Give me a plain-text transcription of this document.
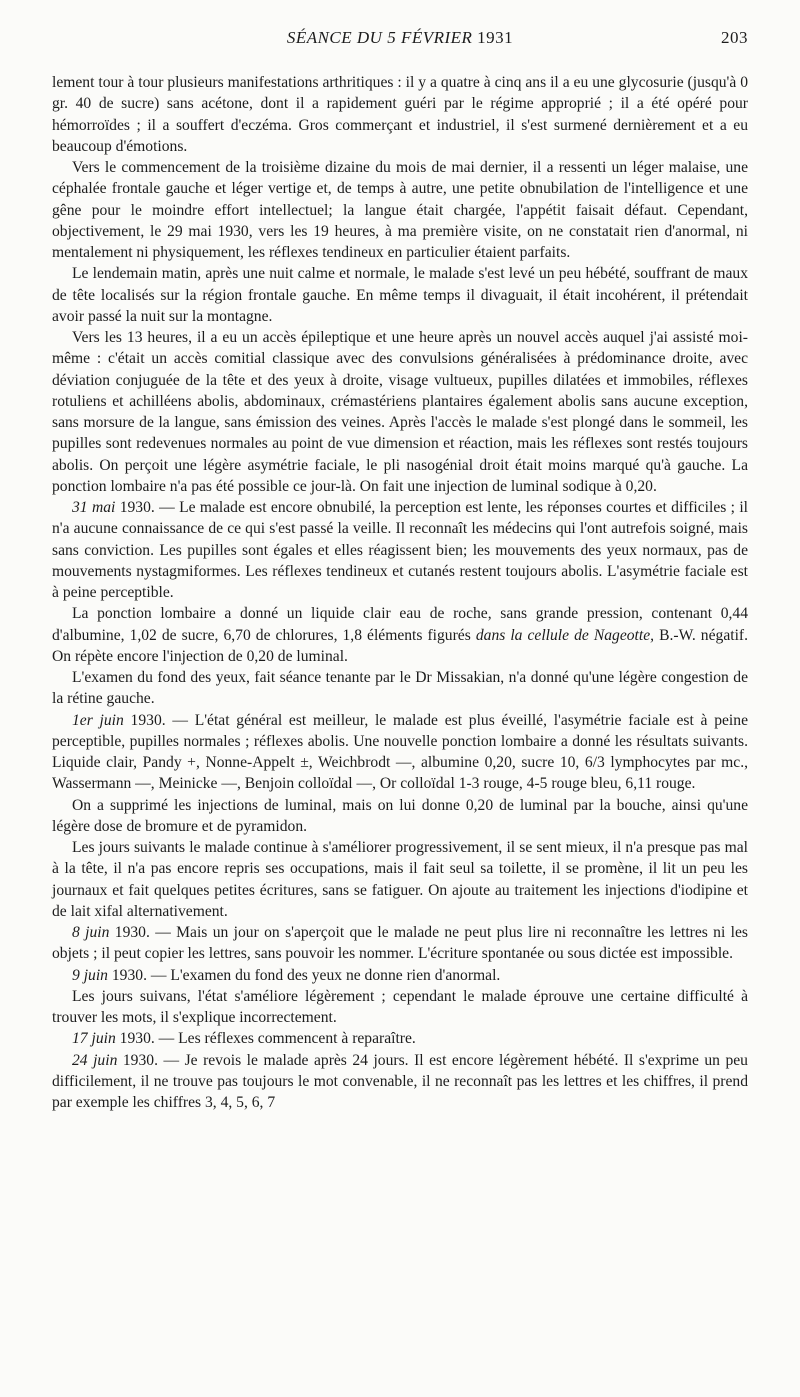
SÉANCE DU 5 FÉVRIER 1931	203

lement tour à tour plusieurs manifestations arthritiques : il y a quatre à cinq ans il a eu une glycosurie (jusqu'à 0 gr. 40 de sucre) sans acétone, dont il a rapidement guéri par le régime approprié ; il a été opéré pour hémorroïdes ; il a souffert d'eczéma. Gros commerçant et industriel, il s'est surmené dernièrement et a eu beaucoup d'émotions.

Vers le commencement de la troisième dizaine du mois de mai dernier, il a ressenti un léger malaise, une céphalée frontale gauche et léger vertige et, de temps à autre, une petite obnubilation de l'intelligence et une gêne pour le moindre effort intellectuel; la langue était chargée, l'appétit faisait défaut. Cependant, objectivement, le 29 mai 1930, vers les 19 heures, à ma première visite, on ne constatait rien d'anormal, ni mentalement ni physiquement, les réflexes tendineux en particulier étaient parfaits.

Le lendemain matin, après une nuit calme et normale, le malade s'est levé un peu hébété, souffrant de maux de tête localisés sur la région frontale gauche. En même temps il divaguait, il était incohérent, il prétendait avoir passé la nuit sur la montagne.

Vers les 13 heures, il a eu un accès épileptique et une heure après un nouvel accès auquel j'ai assisté moi-même : c'était un accès comitial classique avec des convulsions généralisées à prédominance droite, avec déviation conjuguée de la tête et des yeux à droite, visage vultueux, pupilles dilatées et immobiles, réflexes rotuliens et achilléens abolis, abdominaux, crémastériens plantaires également abolis sans aucune exception, sans morsure de la langue, sans émission des veines. Après l'accès le malade s'est plongé dans le sommeil, les pupilles sont redevenues normales au point de vue dimension et réaction, mais les réflexes sont restés toujours abolis. On perçoit une légère asymétrie faciale, le pli nasogénial droit était moins marqué qu'à gauche. La ponction lombaire n'a pas été possible ce jour-là. On fait une injection de luminal sodique à 0,20.

31 mai 1930. — Le malade est encore obnubilé, la perception est lente, les réponses courtes et difficiles ; il n'a aucune connaissance de ce qui s'est passé la veille. Il reconnaît les médecins qui l'ont autrefois soigné, mais sans conviction. Les pupilles sont égales et elles réagissent bien; les mouvements des yeux normaux, pas de mouvements nystagmiformes. Les réflexes tendineux et cutanés restent toujours abolis. L'asymétrie faciale est à peine perceptible.

La ponction lombaire a donné un liquide clair eau de roche, sans grande pression, contenant 0,44 d'albumine, 1,02 de sucre, 6,70 de chlorures, 1,8 éléments figurés dans la cellule de Nageotte, B.-W. négatif. On répète encore l'injection de 0,20 de luminal.

L'examen du fond des yeux, fait séance tenante par le Dr Missakian, n'a donné qu'une légère congestion de la rétine gauche.

1er juin 1930. — L'état général est meilleur, le malade est plus éveillé, l'asymétrie faciale est à peine perceptible, pupilles normales ; réflexes abolis. Une nouvelle ponction lombaire a donné les résultats suivants. Liquide clair, Pandy +, Nonne-Appelt ±, Weichbrodt —, albumine 0,20, sucre 10, 6/3 lymphocytes par mc., Wassermann —, Meinicke —, Benjoin colloïdal —, Or colloïdal 1-3 rouge, 4-5 rouge bleu, 6,11 rouge.

On a supprimé les injections de luminal, mais on lui donne 0,20 de luminal par la bouche, ainsi qu'une légère dose de bromure et de pyramidon.

Les jours suivants le malade continue à s'améliorer progressivement, il se sent mieux, il n'a presque pas mal à la tête, il n'a pas encore repris ses occupations, mais il fait seul sa toilette, il se promène, il lit un peu les journaux et fait quelques petites écritures, sans se fatiguer. On ajoute au traitement les injections d'iodipine et de lait xifal alternativement.

8 juin 1930. — Mais un jour on s'aperçoit que le malade ne peut plus lire ni reconnaître les lettres ni les objets ; il peut copier les lettres, sans pouvoir les nommer. L'écriture spontanée ou sous dictée est impossible.

9 juin 1930. — L'examen du fond des yeux ne donne rien d'anormal.

Les jours suivans, l'état s'améliore légèrement ; cependant le malade éprouve une certaine difficulté à trouver les mots, il s'explique incorrectement.

17 juin 1930. — Les réflexes commencent à reparaître.

24 juin 1930. — Je revois le malade après 24 jours. Il est encore légèrement hébété. Il s'exprime un peu difficilement, il ne trouve pas toujours le mot convenable, il ne reconnaît pas les lettres et les chiffres, il prend par exemple les chiffres 3, 4, 5, 6, 7
